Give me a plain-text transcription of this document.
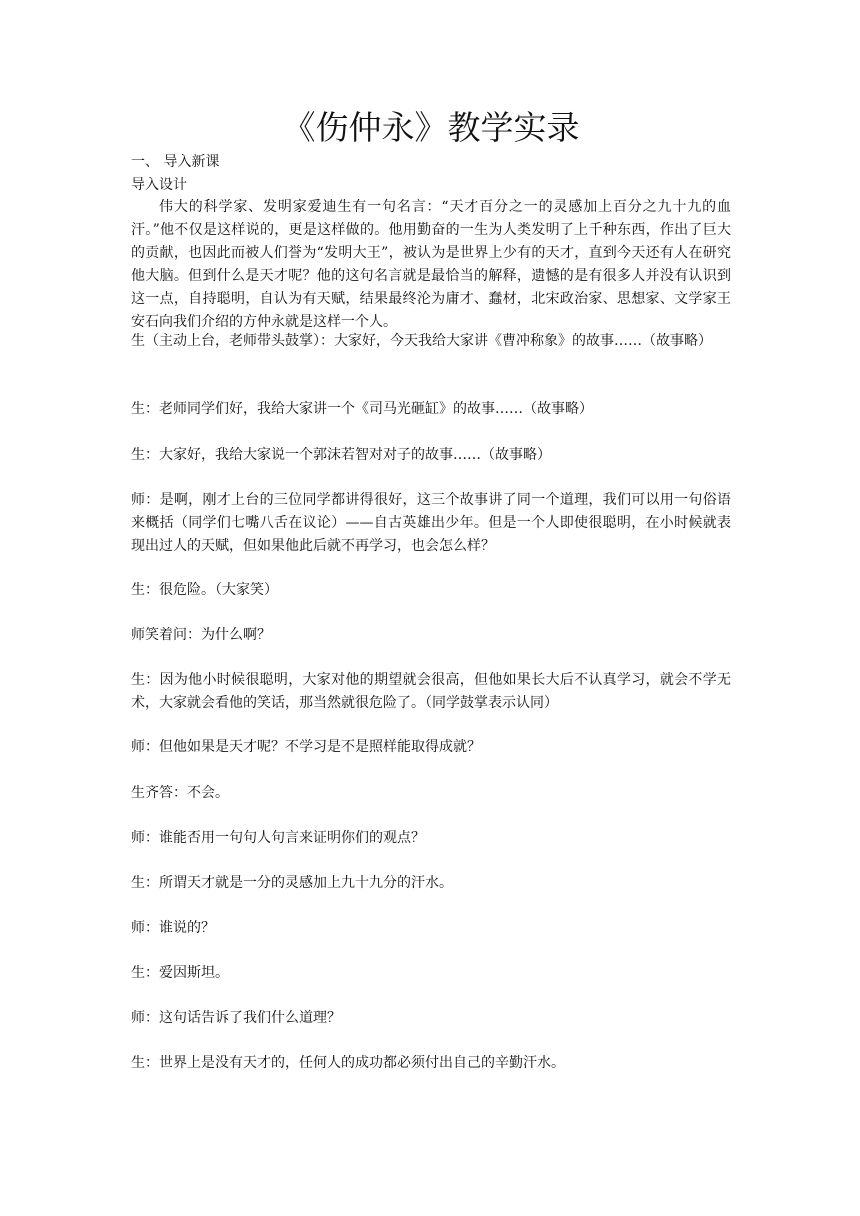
《伤仲永》教学实录

一、 导入新课

导入设计

伟大的科学家、发明家爱迪生有一句名言：“天才百分之一的灵感加上百分之九十九的血汗。”他不仅是这样说的，更是这样做的。他用勤奋的一生为人类发明了上千种东西，作出了巨大的贡献，也因此而被人们誉为“发明大王”，被认为是世界上少有的天才，直到今天还有人在研究他大脑。但到什么是天才呢？他的这句名言就是最恰当的解释，遗憾的是有很多人并没有认识到这一点，自持聪明，自认为有天赋，结果最终沦为庸才、蠢材，北宋政治家、思想家、文学家王安石向我们介绍的方仲永就是这样一个人。

生（主动上台，老师带头鼓掌）：大家好，今天我给大家讲《曹冲称象》的故事……（故事略）

生：老师同学们好，我给大家讲一个《司马光砸缸》的故事……（故事略）

生：大家好，我给大家说一个郭沫若智对对子的故事……（故事略）

师：是啊，刚才上台的三位同学都讲得很好，这三个故事讲了同一个道理，我们可以用一句俗语来概括（同学们七嘴八舌在议论）——自古英雄出少年。但是一个人即使很聪明，在小时候就表现出过人的天赋，但如果他此后就不再学习，也会怎么样？

生：很危险。（大家笑）

师笑着问：为什么啊？

生：因为他小时候很聪明，大家对他的期望就会很高，但他如果长大后不认真学习，就会不学无术，大家就会看他的笑话，那当然就很危险了。（同学鼓掌表示认同）

师：但他如果是天才呢？不学习是不是照样能取得成就？

生齐答：不会。

师：谁能否用一句句人句言来证明你们的观点？

生：所谓天才就是一分的灵感加上九十九分的汗水。

师：谁说的？

生：爱因斯坦。

师：这句话告诉了我们什么道理？

生：世界上是没有天才的，任何人的成功都必须付出自己的辛勤汗水。
